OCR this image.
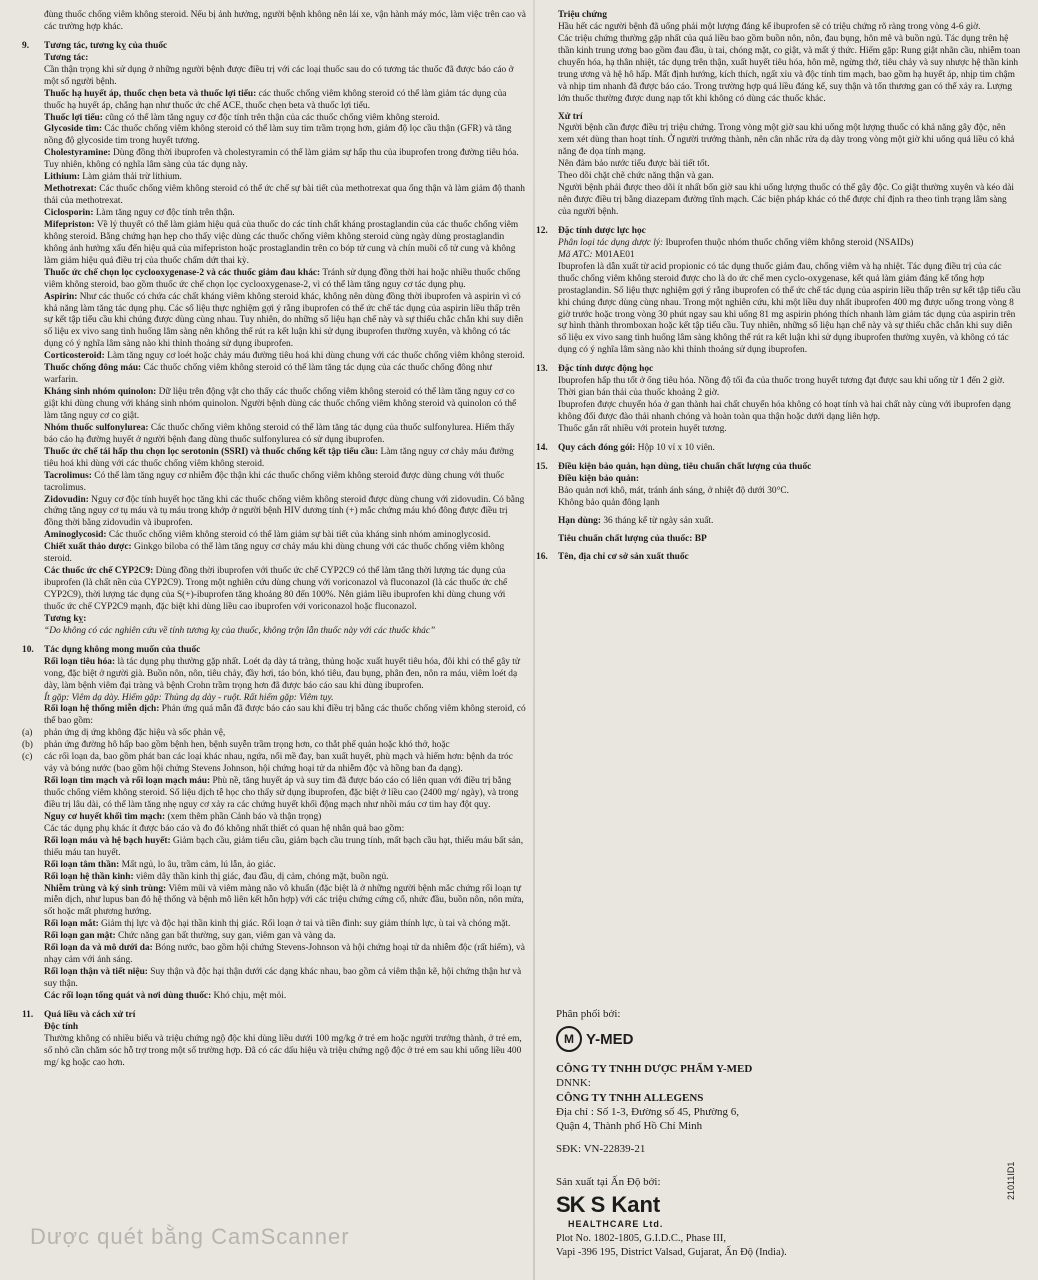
đùng thuốc chống viêm không steroid. Nếu bị ảnh hưởng, người bệnh không nên lái xe, vận hành máy móc, làm việc trên cao và các trường hợp khác.

9.	Tương tác, tương kỵ của thuốc

Tương tác:

Cần thận trọng khi sử dụng ở những người bệnh được điều trị với các loại thuốc sau do có tương tác thuốc đã được báo cáo ở một số người bệnh.

Thuốc hạ huyết áp, thuốc chẹn beta và thuốc lợi tiểu: các thuốc chống viêm không steroid có thể làm giảm tác dụng của thuốc hạ huyết áp, chẳng hạn như thuốc ức chế ACE, thuốc chẹn beta và thuốc lợi tiểu.

Thuốc lợi tiểu: cũng có thể làm tăng nguy cơ độc tính trên thận của các thuốc chống viêm không steroid.

Glycoside tim: Các thuốc chống viêm không steroid có thể làm suy tim trầm trọng hơn, giảm độ lọc cầu thận (GFR) và tăng nồng độ glycoside tim trong huyết tương.

Cholestyramine: Dùng đồng thời ibuprofen và cholestyramin có thể làm giảm sự hấp thu của ibuprofen trong đường tiêu hóa. Tuy nhiên, không có nghĩa lâm sàng của tác dụng này.

Lithium: Làm giảm thải trừ lithium.

Methotrexat: Các thuốc chống viêm không steroid có thể ức chế sự bài tiết của methotrexat qua ống thận và làm giảm độ thanh thải của methotrexat.

Ciclosporin: Làm tăng nguy cơ độc tính trên thận.

Mifepriston: Về lý thuyết có thể làm giảm hiệu quả của thuốc do các tính chất kháng prostaglandin của các thuốc chống viêm không steroid. Bằng chứng hạn hẹp cho thấy việc dùng các thuốc chống viêm không steroid cùng ngày dùng prostaglandin không ảnh hưởng xấu đến hiệu quả của mifepriston hoặc prostaglandin trên co bóp tử cung và chín muồi cổ tử cung và không làm giảm hiệu quả điều trị của thuốc chấm dứt thai kỳ.

Thuốc ức chế chọn lọc cyclooxygenase-2 và các thuốc giảm đau khác: Tránh sử dụng đồng thời hai hoặc nhiều thuốc chống viêm không steroid, bao gồm thuốc ức chế chọn lọc cyclooxygenase-2, vì có thể làm tăng nguy cơ tác dụng phụ.

Aspirin: Như các thuốc có chứa các chất kháng viêm không steroid khác, không nên dùng đồng thời ibuprofen và aspirin vì có khả năng làm tăng tác dụng phụ. Các số liệu thực nghiệm gợi ý rằng ibuprofen có thể ức chế tác dụng của aspirin liều thấp trên sự kết tập tiểu cầu khi chúng được dùng cùng nhau. Tuy nhiên, do những số liệu hạn chế này và sự thiếu chắc chắn khi suy diễn số liệu ex vivo sang tình huống lâm sàng nên không thể rút ra kết luận khi sử dụng ibuprofen thường xuyên, và không có tác dụng có ý nghĩa lâm sàng nào khi thỉnh thoảng sử dụng ibuprofen.

Corticosteroid: Làm tăng nguy cơ loét hoặc chảy máu đường tiêu hoá khi dùng chung với các thuốc chống viêm không steroid.

Thuốc chống đông máu: Các thuốc chống viêm không steroid có thể làm tăng tác dụng của các thuốc chống đông như warfarin.

Kháng sinh nhóm quinolon: Dữ liệu trên động vật cho thấy các thuốc chống viêm không steroid có thể làm tăng nguy cơ co giật khi dùng chung với kháng sinh nhóm quinolon. Người bệnh dùng các thuốc chống viêm không steroid và quinolon có thể làm tăng nguy cơ co giật.

Nhóm thuốc sulfonylurea: Các thuốc chống viêm không steroid có thể làm tăng tác dụng của thuốc sulfonylurea. Hiếm thấy báo cáo hạ đường huyết ở người bệnh đang dùng thuốc sulfonylurea có sử dụng ibuprofen.

Thuốc ức chế tái hấp thu chọn lọc serotonin (SSRI) và thuốc chống kết tập tiểu cầu: Làm tăng nguy cơ chảy máu đường tiêu hoá khi dùng với các thuốc chống viêm không steroid.

Tacrolimus: Có thể làm tăng nguy cơ nhiễm độc thận khi các thuốc chống viêm không steroid được dùng chung với thuốc tacrolimus.

Zidovudin: Nguy cơ độc tính huyết học tăng khi các thuốc chống viêm không steroid được dùng chung với zidovudin. Có bằng chứng tăng nguy cơ tụ máu và tụ máu trong khớp ở người bệnh HIV dương tính (+) mắc chứng máu khó đông được điều trị đồng thời bằng zidovudin và ibuprofen.

Aminoglycosid: Các thuốc chống viêm không steroid có thể làm giảm sự bài tiết của kháng sinh nhóm aminoglycosid.

Chiết xuất thảo dược: Ginkgo biloba có thể làm tăng nguy cơ chảy máu khi dùng chung với các thuốc chống viêm không steroid.

Các thuốc ức chế CYP2C9: Dùng đồng thời ibuprofen với thuốc ức chế CYP2C9 có thể làm tăng thời lượng tác dụng của ibuprofen (là chất nền của CYP2C9). Trong một nghiên cứu dùng chung với voriconazol và fluconazol (là các thuốc ức chế CYP2C9), thời lượng tác dụng của S(+)-ibuprofen tăng khoảng 80 đến 100%. Nên giảm liều ibuprofen khi dùng chung với thuốc ức chế CYP2C9 mạnh, đặc biệt khi dùng liều cao ibuprofen với voriconazol hoặc fluconazol.

Tương kỵ:

“Do không có các nghiên cứu về tính tương kỵ của thuốc, không trộn lẫn thuốc này với các thuốc khác”

10.	Tác dụng không mong muốn của thuốc

Rối loạn tiêu hóa: là tác dụng phụ thường gặp nhất. Loét dạ dày tá tràng, thủng hoặc xuất huyết tiêu hóa, đôi khi có thể gây tử vong, đặc biệt ở người già. Buồn nôn, nôn, tiêu chảy, đầy hơi, táo bón, khó tiêu, đau bụng, phân đen, nôn ra máu, viêm loét dạ dày, làm bệnh viêm đại tràng và bệnh Crohn trầm trọng hơn đã được báo cáo sau khi dùng ibuprofen.

Ít gặp: Viêm dạ dày. Hiếm gặp: Thủng dạ dày - ruột. Rất hiếm gặp: Viêm tụy.

Rối loạn hệ thống miễn dịch: Phản ứng quá mẫn đã được báo cáo sau khi điều trị bằng các thuốc chống viêm không steroid, có thể bao gồm:

(a)	phản ứng dị ứng không đặc hiệu và sốc phản vệ,
(b)	phản ứng đường hô hấp bao gồm bệnh hen, bệnh suyễn trầm trọng hơn, co thắt phế quản hoặc khó thở, hoặc
(c)	các rối loạn da, bao gồm phát ban các loại khác nhau, ngứa, nổi mề đay, ban xuất huyết, phù mạch và hiếm hơn: bệnh da tróc vảy và bóng nước (bao gồm hội chứng Stevens Johnson, hội chứng hoại tử da nhiễm độc và hồng ban đa dạng).

Rối loạn tim mạch và rối loạn mạch máu: Phù nề, tăng huyết áp và suy tim đã được báo cáo có liên quan với điều trị bằng thuốc chống viêm không steroid. Số liệu dịch tễ học cho thấy sử dụng ibuprofen, đặc biệt ở liều cao (2400 mg/ ngày), và trong điều trị lâu dài, có thể làm tăng nhẹ nguy cơ xảy ra các chứng huyết khối động mạch như nhồi máu cơ tim hay đột quỵ.

Nguy cơ huyết khối tim mạch: (xem thêm phần Cảnh báo và thận trọng)

Các tác dụng phụ khác ít được báo cáo và đo đó không nhất thiết có quan hệ nhân quả bao gồm:

Rối loạn máu và hệ bạch huyết: Giảm bạch cầu, giảm tiểu cầu, giảm bạch cầu trung tính, mất bạch cầu hạt, thiếu máu bất sản, thiếu máu tan huyết.

Rối loạn tâm thần: Mất ngủ, lo âu, trầm cảm, lú lẫn, ảo giác.

Rối loạn hệ thần kinh: viêm dây thần kinh thị giác, đau đầu, dị cảm, chóng mặt, buồn ngủ.

Nhiễm trùng và ký sinh trùng: Viêm mũi và viêm màng não vô khuẩn (đặc biệt là ở những người bệnh mắc chứng rối loạn tự miễn dịch, như lupus ban đỏ hệ thống và bệnh mô liên kết hỗn hợp) với các triệu chứng cứng cổ, nhức đầu, buồn nôn, nôn mửa, sốt hoặc mất phương hướng.

Rối loạn mắt: Giảm thị lực và độc hại thần kinh thị giác. Rối loạn ở tai và tiền đình: suy giảm thính lực, ù tai và chóng mặt.

Rối loạn gan mật: Chức năng gan bất thường, suy gan, viêm gan và vàng da.

Rối loạn da và mô dưới da: Bóng nước, bao gồm hội chứng Stevens-Johnson và hội chứng hoại tử da nhiễm độc (rất hiếm), và nhạy cảm với ánh sáng.

Rối loạn thận và tiết niệu: Suy thận và độc hại thận dưới các dạng khác nhau, bao gồm cả viêm thận kẽ, hội chứng thận hư và suy thận.

Các rối loạn tổng quát và nơi dùng thuốc: Khó chịu, mệt mỏi.

11.	Quá liều và cách xử trí

Độc tính

Thường không có nhiều biểu và triệu chứng ngộ độc khi dùng liều dưới 100 mg/kg ở trẻ em hoặc người trưởng thành, ở trẻ em, số nhỏ cần chăm sóc hỗ trợ trong một số trường hợp. Đã có các dấu hiệu và triệu chứng ngộ độc ở trẻ em sau khi uống liều 400 mg/ kg hoặc cao hơn.

Triệu chứng

Hầu hết các người bệnh đã uống phải một lượng đáng kể ibuprofen sẽ có triệu chứng rõ ràng trong vòng 4-6 giờ.

Các triệu chứng thường gặp nhất của quá liều bao gồm buồn nôn, nôn, đau bụng, hôn mê và buồn ngủ. Tác dụng trên hệ thần kinh trung ương bao gồm đau đầu, ù tai, chóng mặt, co giật, và mất ý thức. Hiếm gặp: Rung giật nhãn cầu, nhiễm toan chuyển hóa, hạ thân nhiệt, tác dụng trên thận, xuất huyết tiêu hóa, hôn mê, ngừng thở, tiêu chảy và suy nhược hệ thần kinh trung ương và hệ hô hấp. Mất định hướng, kích thích, ngất xỉu và độc tính tim mạch, bao gồm hạ huyết áp, nhịp tim chậm và nhịp tim nhanh đã được báo cáo. Trong trường hợp quá liều đáng kể, suy thận và tổn thương gan có thể xảy ra. Lượng lớn thuốc thường được dung nạp tốt khi không có dùng các thuốc khác.

Xử trí

Người bệnh cần được điều trị triệu chứng. Trong vòng một giờ sau khi uống một lượng thuốc có khả năng gây độc, nên xem xét dùng than hoạt tính. Ở người trưởng thành, nên cân nhắc rửa dạ dày trong vòng một giờ khi uống quá liều có khả năng đe dọa tính mạng.

Nên đảm bảo nước tiểu được bài tiết tốt.

Theo dõi chặt chẽ chức năng thận và gan.

Người bệnh phải được theo dõi ít nhất bốn giờ sau khi uống lượng thuốc có thể gây độc. Co giật thường xuyên và kéo dài nên được điều trị bằng diazepam đường tĩnh mạch. Các biện pháp khác có thể được chỉ định ra theo tình trạng lâm sàng của người bệnh.

12.	Đặc tính dược lực học

Phân loại tác dụng dược lý: Ibuprofen thuộc nhóm thuốc chống viêm không steroid (NSAIDs)

Mã ATC: M01AE01

Ibuprofen là dẫn xuất từ acid propionic có tác dụng thuốc giảm đau, chống viêm và hạ nhiệt. Tác dụng điều trị của các thuốc chống viêm không steroid được cho là do ức chế men cyclo-oxygenase, kết quả làm giảm đáng kể tổng hợp prostaglandin. Số liệu thực nghiệm gợi ý rằng ibuprofen có thể ức chế tác dụng của aspirin liều thấp trên sự kết tập tiểu cầu khi chúng được dùng cùng nhau. Trong một nghiên cứu, khi một liều duy nhất ibuprofen 400 mg được uống trong vòng 8 giờ trước hoặc trong vòng 30 phút ngay sau khi uống 81 mg aspirin phóng thích nhanh làm giảm tác dụng của aspirin trên sự hình thành thromboxan hoặc kết tập tiểu cầu. Tuy nhiên, những số liệu hạn chế này và sự thiếu chắc chắn khi suy diễn số liệu ex vivo sang tình huống lâm sàng không thể rút ra kết luận khi sử dụng ibuprofen thường xuyên, và không có tác dụng có ý nghĩa lâm sàng nào khi thỉnh thoảng sử dụng ibuprofen.

13.	Đặc tính dược động học

Ibuprofen hấp thu tốt ở ống tiêu hóa. Nồng độ tối đa của thuốc trong huyết tương đạt được sau khi uống từ 1 đến 2 giờ.

Thời gian bán thải của thuốc khoảng 2 giờ.

Ibuprofen được chuyển hóa ở gan thành hai chất chuyển hóa không có hoạt tính và hai chất này cùng với ibuprofen dạng không đổi được đào thải nhanh chóng và hoàn toàn qua thận hoặc dưới dạng liên hợp.

Thuốc gắn rất nhiều với protein huyết tương.

14.	Quy cách đóng gói: Hộp 10 vỉ x 10 viên.
15.	Điều kiện bảo quản, hạn dùng, tiêu chuẩn chất lượng của thuốc

Điều kiện bảo quản:

Bảo quản nơi khô, mát, tránh ánh sáng, ở nhiệt độ dưới 30°C.

Không bảo quản đông lạnh

Hạn dùng: 36 tháng kể từ ngày sản xuất.

Tiêu chuẩn chất lượng của thuốc: BP

16.	Tên, địa chỉ cơ sở sản xuất thuốc
Phân phối bởi:
M Y-MED

CÔNG TY TNHH DƯỢC PHẨM Y-MED

DNNK:

CÔNG TY TNHH ALLEGENS

Địa chỉ : Số 1-3, Đường số 45, Phường 6,

Quận 4, Thành phố Hồ Chí Minh

SĐK: VN-22839-21
Sản xuất tại Ấn Độ bởi:
SK S Kant
HEALTHCARE Ltd.

Plot No. 1802-1805, G.I.D.C., Phase III,

Vapi -396 195, District Valsad, Gujarat, Ấn Độ (India).

21011ID1
Dược quét bằng CamScanner
